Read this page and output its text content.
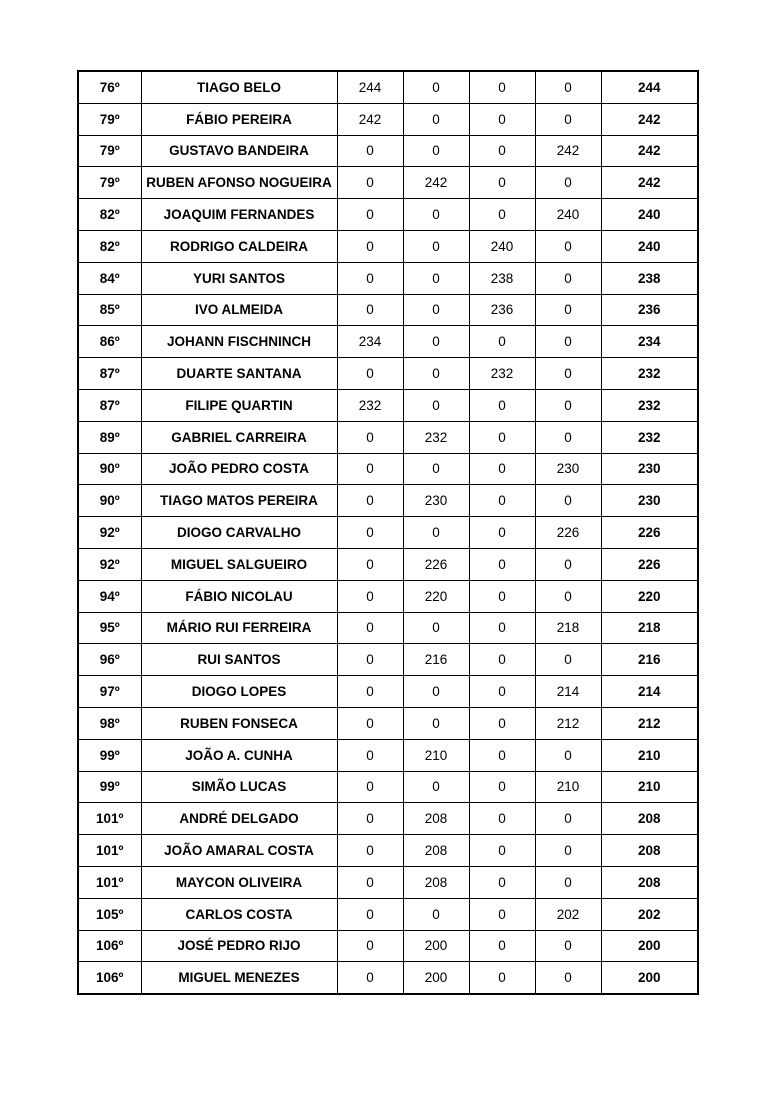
76º	TIAGO BELO	244	0	0	0	244
79º	FÁBIO PEREIRA	242	0	0	0	242
79º	GUSTAVO BANDEIRA	0	0	0	242	242
79º	RUBEN AFONSO NOGUEIRA	0	242	0	0	242
82º	JOAQUIM FERNANDES	0	0	0	240	240
82º	RODRIGO CALDEIRA	0	0	240	0	240
84º	YURI SANTOS	0	0	238	0	238
85º	IVO ALMEIDA	0	0	236	0	236
86º	JOHANN FISCHNINCH	234	0	0	0	234
87º	DUARTE SANTANA	0	0	232	0	232
87º	FILIPE QUARTIN	232	0	0	0	232
89º	GABRIEL CARREIRA	0	232	0	0	232
90º	JOÃO PEDRO COSTA	0	0	0	230	230
90º	TIAGO MATOS PEREIRA	0	230	0	0	230
92º	DIOGO CARVALHO	0	0	0	226	226
92º	MIGUEL SALGUEIRO	0	226	0	0	226
94º	FÁBIO NICOLAU	0	220	0	0	220
95º	MÁRIO RUI FERREIRA	0	0	0	218	218
96º	RUI SANTOS	0	216	0	0	216
97º	DIOGO LOPES	0	0	0	214	214
98º	RUBEN FONSECA	0	0	0	212	212
99º	JOÃO A. CUNHA	0	210	0	0	210
99º	SIMÃO LUCAS	0	0	0	210	210
101º	ANDRÉ DELGADO	0	208	0	0	208
101º	JOÃO AMARAL COSTA	0	208	0	0	208
101º	MAYCON OLIVEIRA	0	208	0	0	208
105º	CARLOS COSTA	0	0	0	202	202
106º	JOSÉ PEDRO RIJO	0	200	0	0	200
106º	MIGUEL MENEZES	0	200	0	0	200
